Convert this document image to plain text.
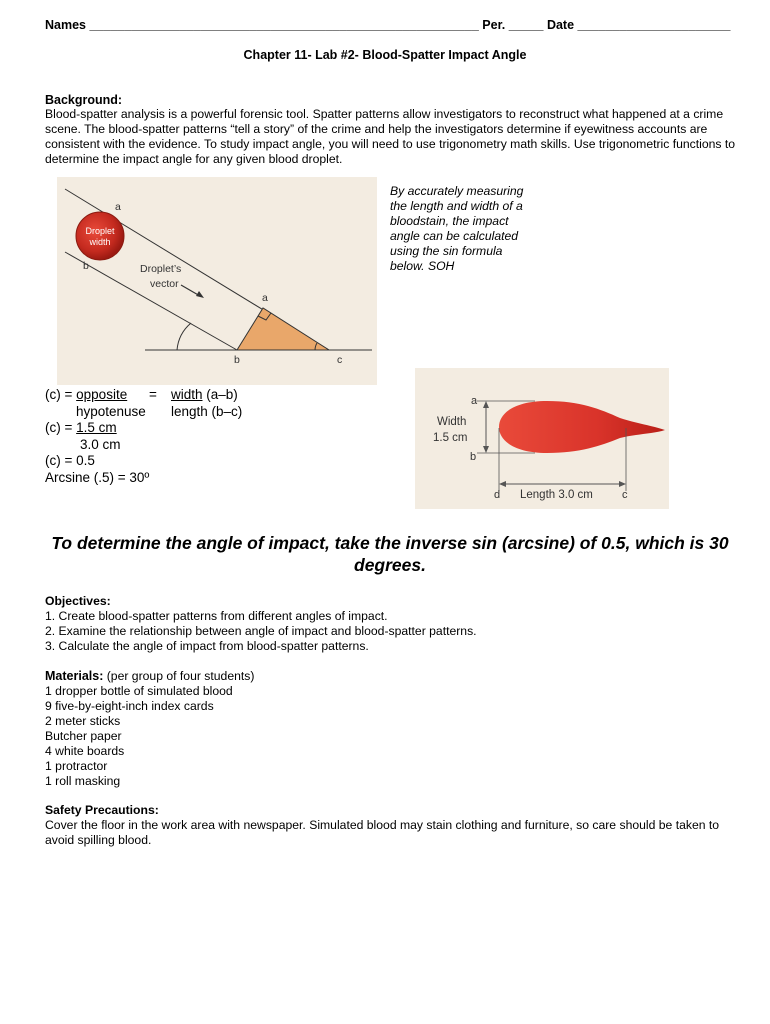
Names ________________________________________________________ Per. _____ Date ______________________
Chapter 11- Lab #2- Blood-Spatter Impact Angle
Background:
Blood-spatter analysis is a powerful forensic tool. Spatter patterns allow investigators to reconstruct what happened at a crime scene. The blood-spatter patterns “tell a story” of the crime and help the investigators determine if eyewitness accounts are consistent with the evidence. To study impact angle, you will need to use trigonometry math skills. Use trigonometric functions to determine the impact angle for any given blood droplet.
a
b
Droplet
width
Droplet’s
vector
a
b	c
By accurately measuring the length and width of a bloodstain, the impact angle can be calculated using the sin formula below. SOH
(c) = opposite = width (a–b)
hypotenuse length (b–c)
(c) = 1.5 cm
3.0 cm
(c) = 0.5
Arcsine (.5) = 30º
a
Width
1.5 cm
b
d Length 3.0 cm	c
To determine the angle of impact, take the inverse sin (arcsine) of 0.5, which is 30 degrees.
Objectives:
1. Create blood-spatter patterns from different angles of impact.
2. Examine the relationship between angle of impact and blood-spatter patterns.
3. Calculate the angle of impact from blood-spatter patterns.
Materials: (per group of four students)
1 dropper bottle of simulated blood
9 five-by-eight-inch index cards
2 meter sticks
Butcher paper
4 white boards
1 protractor
1 roll masking
Safety Precautions:
Cover the floor in the work area with newspaper. Simulated blood may stain clothing and furniture, so care should be taken to avoid spilling blood.
